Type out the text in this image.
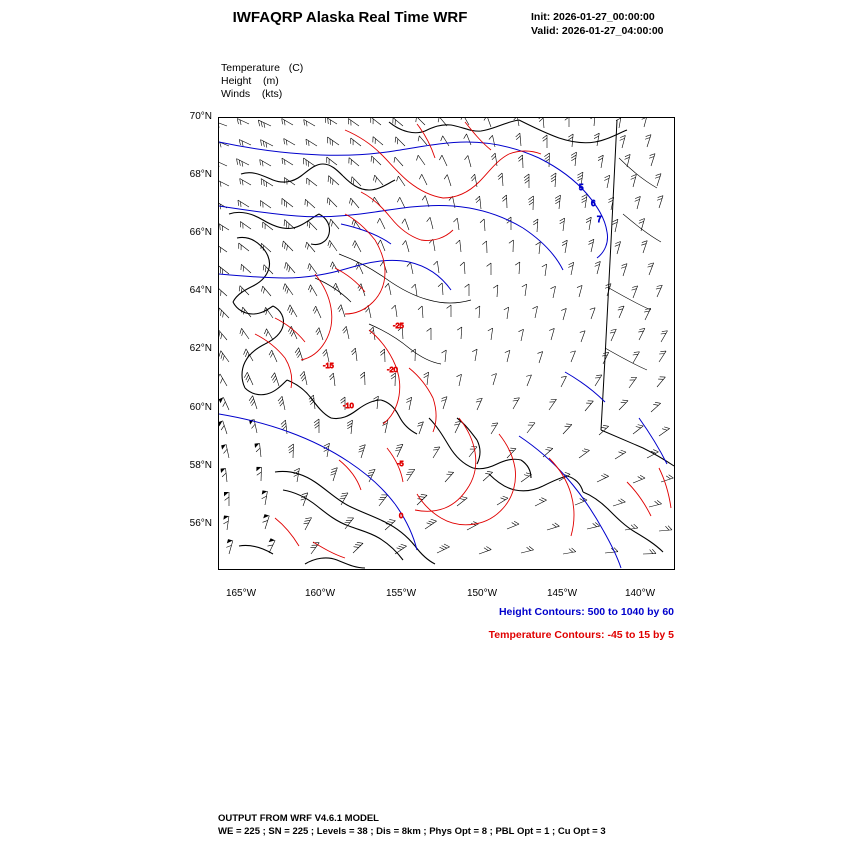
IWFAQRP Alaska Real Time WRF	Init: 2026-01-27_00:00:00
Valid: 2026-01-27_04:00:00
Temperature   (C)
Height    (m)
Winds    (kts)
70°N
68°N
66°N
64°N
62°N
60°N
58°N
56°N
165°W	160°W	155°W	150°W	145°W	140°W
5
6
7
-25
-20
-15
-10
-5
0
Height Contours: 500 to 1040 by 60
Temperature Contours: -45 to 15 by 5
OUTPUT FROM WRF V4.6.1 MODEL
WE = 225 ; SN = 225 ; Levels = 38 ; Dis = 8km ; Phys Opt = 8 ; PBL Opt = 1 ; Cu Opt = 3
